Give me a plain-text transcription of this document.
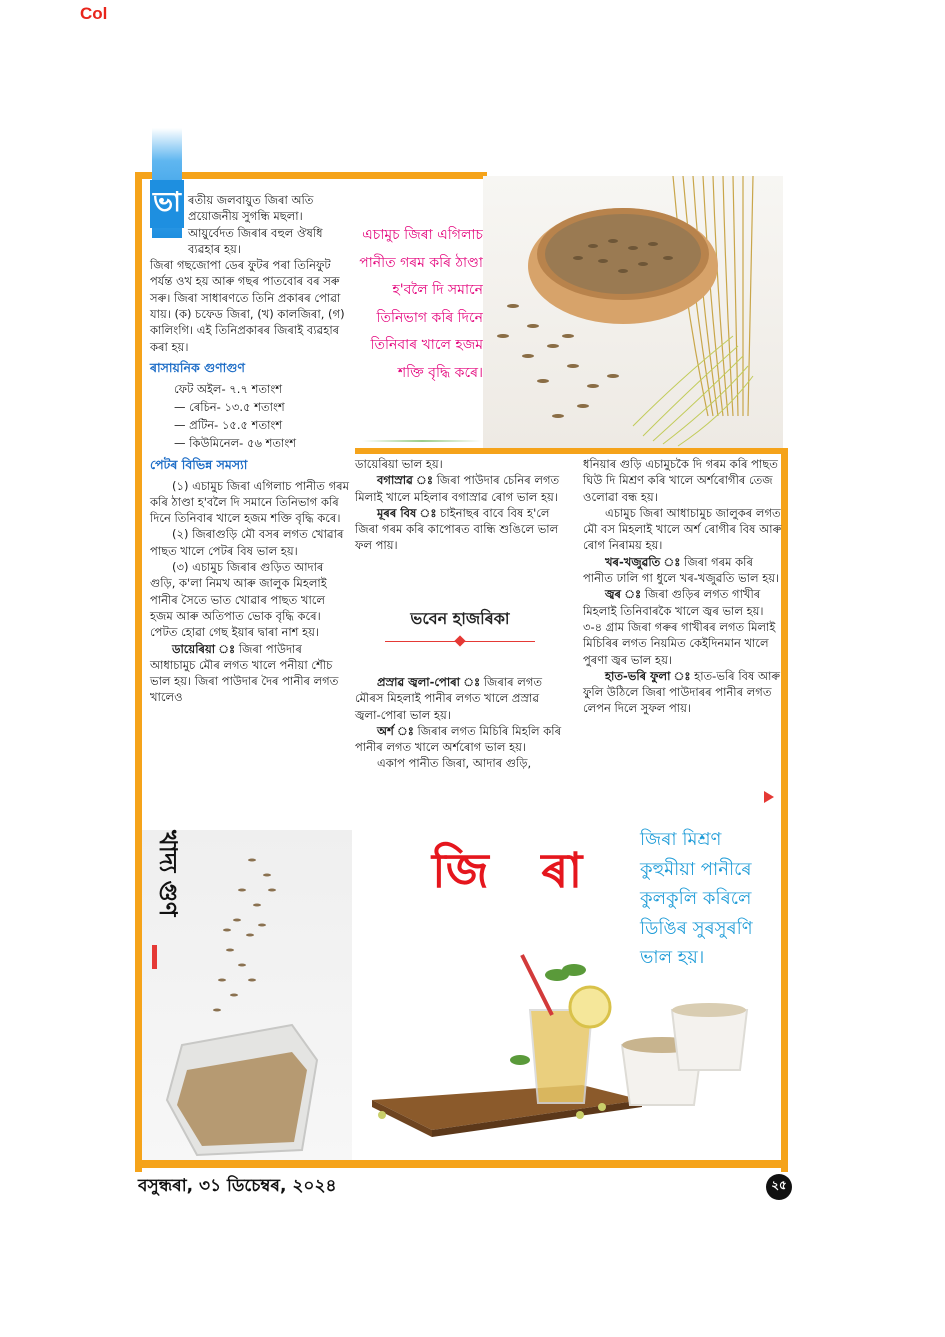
Col
ভা ৰতীয় জলবায়ুত জিৰা অতি প্ৰয়োজনীয় সুগন্ধি মছলা। আয়ুৰ্বেদত জিৰাৰ বহুল ঔষধি ব্যৱহাৰ হয়।

জিৰা গছজোপা ডেৰ ফুটৰ পৰা তিনিফুট পৰ্যন্ত ওখ হয় আৰু গছৰ পাতবোৰ বৰ সৰু সৰু। জিৰা সাধাৰণতে তিনি প্ৰকাৰৰ পোৱা যায়। (ক) চফেড জিৰা, (খ) কালজিৰা, (গ) কালিংগি। এই তিনিপ্ৰকাৰৰ জিৰাই ব্যৱহাৰ কৰা হয়।

ৰাসায়নিক গুণাগুণ
ফেট অইল- ৭.৭ শতাংশ
— ৰেচিন- ১৩.৫ শতাংশ
— প্ৰটিন- ১৫.৫ শতাংশ
— কিউমিনেল- ৫৬ শতাংশ
পেটৰ বিভিন্ন সমস্যা

(১) এচামুচ জিৰা এগিলাচ পানীত গৰম কৰি ঠাণ্ডা হ'বলৈ দি সমানে তিনিভাগ কৰি দিনে তিনিবাৰ খালে হজম শক্তি বৃদ্ধি কৰে।

(২) জিৰাগুড়ি মৌ বসৰ লগত খোৱাৰ পাছত খালে পেটৰ বিষ ভাল হয়।

(৩) এচামুচ জিৰাৰ গুড়িত আদাৰ গুড়ি, ক'লা নিমখ আৰু জালুক মিহলাই পানীৰ সৈতে ভাত খোৱাৰ পাছত খালে হজম আৰু অতিপাত ভোক বৃদ্ধি কৰে। পেটত হোৱা গেছ ইয়াৰ দ্বাৰা নাশ হয়।

ডায়েৰিয়া ঃ জিৰা পাউদাৰ আধাচামুচ মৌৰ লগত খালে পনীয়া শৌচ ভাল হয়। জিৰা পাউদাৰ দৈৰ পানীৰ লগত খালেও

এচামুচ জিৰা এগিলাচ পানীত গৰম কৰি ঠাণ্ডা হ'বলৈ দি সমানে তিনিভাগ কৰি দিনে তিনিবাৰ খালে হজম শক্তি বৃদ্ধি কৰে।

ডায়েৰিয়া ভাল হয়।

বগাস্ৰাৱ ঃ জিৰা পাউদাৰ চেনিৰ লগত মিলাই খালে মহিলাৰ বগাস্ৰাৱ ৰোগ ভাল হয়।

মূৰৰ বিষ ঃ চাইনাছৰ বাবে বিষ হ'লে জিৰা গৰম কৰি কাপোৰত বান্ধি শুঙিলে ভাল ফল পায়।

ভবেন হাজৰিকা

প্ৰস্ৰাৱ জ্বলা-পোৰা ঃ জিৰাৰ লগত মৌৰস মিহলাই পানীৰ লগত খালে প্ৰস্ৰাৱ জ্বলা-পোৰা ভাল হয়।

অৰ্শ ঃ জিৰাৰ লগত মিচিৰি মিহলি কৰি পানীৰ লগত খালে অৰ্শৰোগ ভাল হয়।

একাপ পানীত জিৰা, আদাৰ গুড়ি,

ধনিয়াৰ গুড়ি এচামুচকৈ দি গৰম কৰি পাছত ঘিউ দি মিশ্ৰণ কৰি খালে অৰ্শৰোগীৰ তেজ ওলোৱা বন্ধ হয়।

এচামুচ জিৰা আধাচামুচ জালুকৰ লগত মৌ বস মিহলাই খালে অৰ্শ ৰোগীৰ বিষ আৰু ৰোগ নিৰাময় হয়।

খৰ-খজুৱতি ঃ জিৰা গৰম কৰি পানীত ঢালি গা ধুলে খৰ-খজুৱতি ভাল হয়।

জ্বৰ ঃ জিৰা গুড়িৰ লগত গাখীৰ মিহলাই তিনিবাৰকৈ খালে জ্বৰ ভাল হয়। ৩-৪ গ্ৰাম জিৰা গৰুৰ গাখীৰৰ লগত মিলাই মিচিৰিৰ লগত নিয়মিত কেইদিনমান খালে পুৰণা জ্বৰ ভাল হয়।

হাত-ভৰি ফুলা ঃ হাত-ভৰি বিষ আৰু ফুলি উঠিলে জিৰা পাউদাৰৰ পানীৰ লগত লেপন দিলে সুফল পায়।

খাদ্য গুণ	জি ৰা
জিৰা মিশ্ৰণ কুহুমীয়া পানীৰে কুলকুলি কৰিলে ডিঙিৰ সুৰসুৰণি ভাল হয়।
বসুন্ধৰা, ৩১ ডিচেম্বৰ, ২০২৪	২৫
